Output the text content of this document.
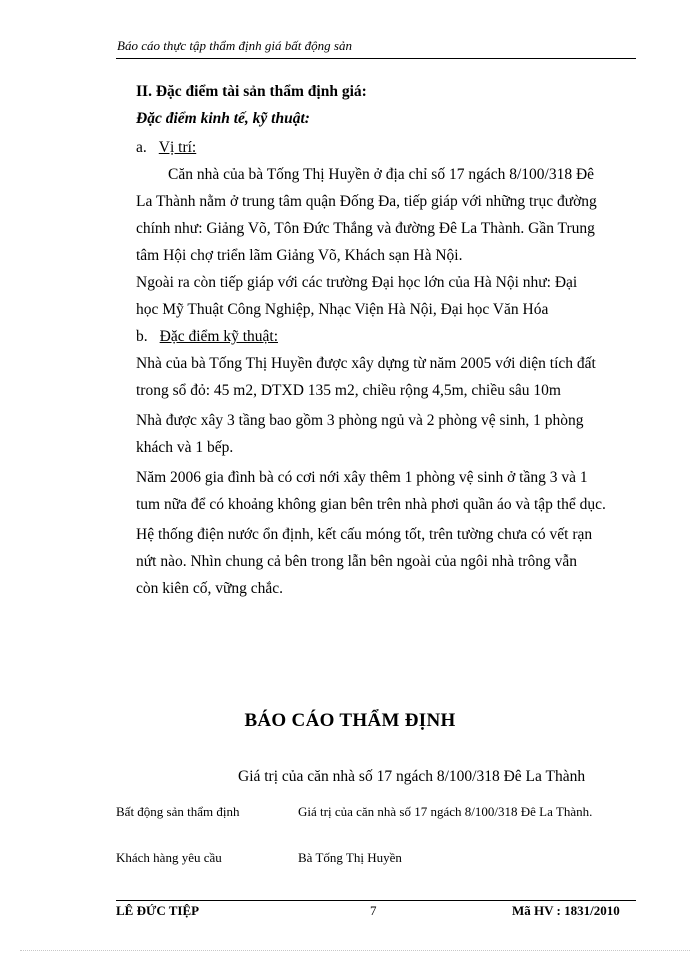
Báo cáo thực tập thẩm định giá bất động sản
II. Đặc điểm tài sản thẩm định giá:
Đặc điểm kinh tế, kỹ thuật:
a. Vị trí:
Căn nhà của bà Tống Thị Huyền ở địa chỉ số 17 ngách 8/100/318 Đê
La Thành nằm ở trung tâm quận Đống Đa, tiếp giáp với những trục đường
chính như: Giảng Võ, Tôn Đức Thắng và đường Đê La Thành. Gần Trung
tâm Hội chợ triển lãm Giảng Võ, Khách sạn Hà Nội.
Ngoài ra còn tiếp giáp với các trường Đại học lớn của Hà Nội như: Đại
học Mỹ Thuật Công Nghiệp, Nhạc Viện Hà Nội, Đại học Văn Hóa
b. Đặc điểm kỹ thuật:
Nhà của bà Tống Thị Huyền được xây dựng từ năm 2005 với diện tích đất
trong sổ đỏ: 45 m2, DTXD 135 m2, chiều rộng 4,5m, chiều sâu 10m
Nhà được xây 3 tầng bao gồm 3 phòng ngủ và 2 phòng vệ sinh, 1 phòng
khách và 1 bếp.
Năm 2006 gia đình bà có cơi nới xây thêm 1 phòng vệ sinh ở tầng 3 và 1
tum nữa để có khoảng không gian bên trên nhà phơi quần áo và tập thể dục.
Hệ thống điện nước ổn định, kết cấu móng tốt, trên tường chưa có vết rạn
nứt nào. Nhìn chung cả bên trong lẫn bên ngoài của ngôi nhà trông vẫn
còn kiên cố, vững chắc.
BÁO CÁO THẨM ĐỊNH
Giá trị của căn nhà số 17 ngách 8/100/318 Đê La Thành
Bất động sản thẩm định	Giá trị của căn nhà số 17 ngách 8/100/318 Đê La Thành.
Khách hàng yêu cầu	Bà Tống Thị Huyền
LÊ ĐỨC TIỆP	7	Mã HV : 1831/2010
